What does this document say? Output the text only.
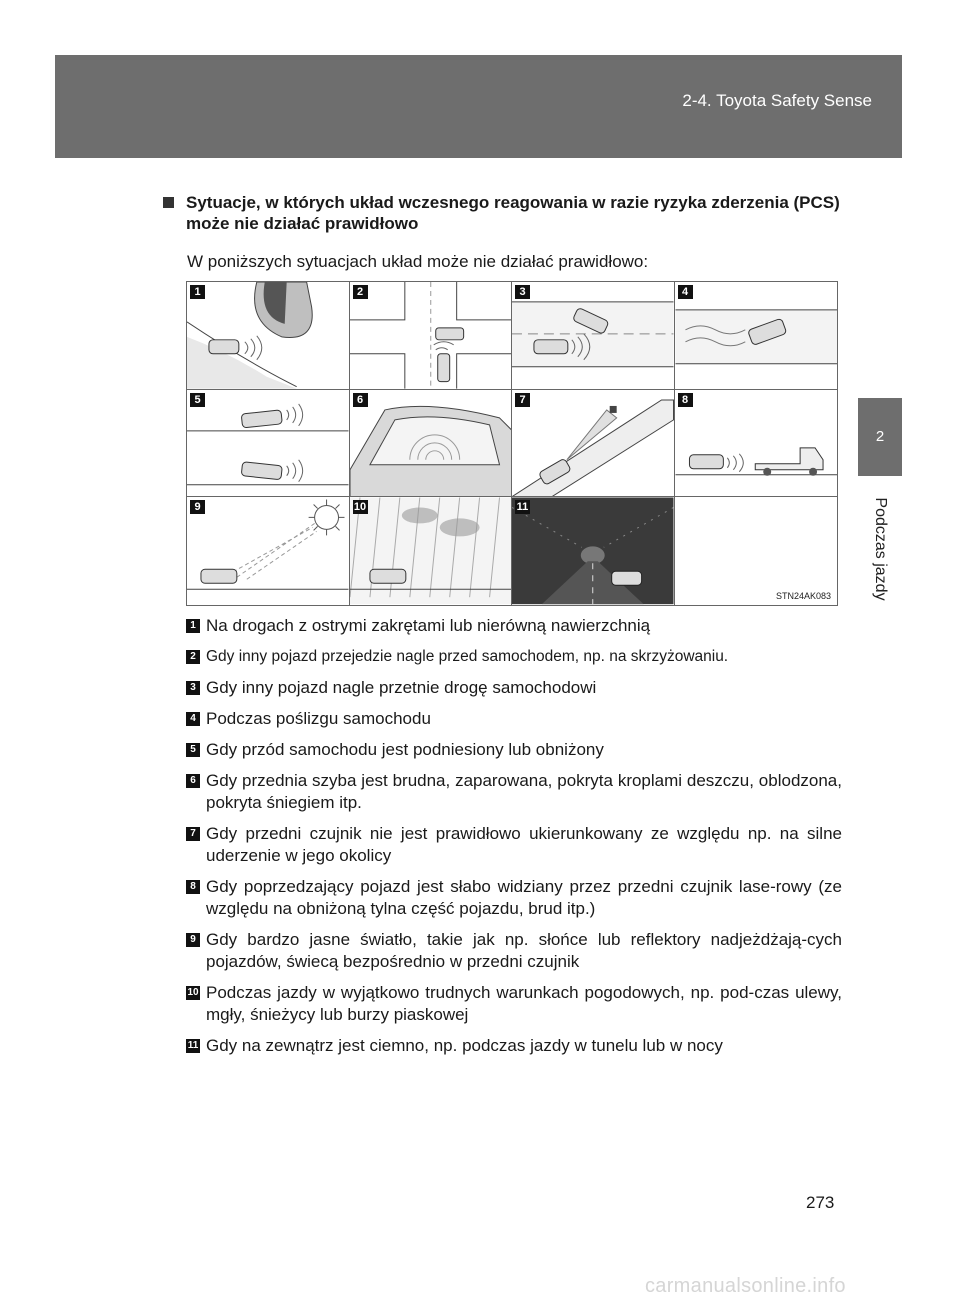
2-4. Toyota Safety Sense
2
Podczas jazdy
Sytuacje, w których układ wczesnego reagowania w razie ryzyka zderzenia (PCS) może nie działać prawidłowo
W poniższych sytuacjach układ może nie działać prawidłowo:
1	2	3	4
5	6	7	8
9	10	11
STN24AK083
1 Na drogach z ostrymi zakrętami lub nierówną nawierzchnią
2 Gdy inny pojazd przejedzie nagle przed samochodem, np. na skrzyżowaniu.
3 Gdy inny pojazd nagle przetnie drogę samochodowi
4 Podczas poślizgu samochodu
5 Gdy przód samochodu jest podniesiony lub obniżony
6 Gdy przednia szyba jest brudna, zaparowana, pokryta kroplami deszczu, oblodzona, pokryta śniegiem itp.
7 Gdy przedni czujnik nie jest prawidłowo ukierunkowany ze względu np. na silne uderzenie w jego okolicy
8 Gdy poprzedzający pojazd jest słabo widziany przez przedni czujnik lase-rowy (ze względu na obniżoną tylna część pojazdu, brud itp.)
9 Gdy bardzo jasne światło, takie jak np. słońce lub reflektory nadjeżdżają-cych pojazdów, świecą bezpośrednio w przedni czujnik
10 Podczas jazdy w wyjątkowo trudnych warunkach pogodowych, np. pod-czas ulewy, mgły, śnieżycy lub burzy piaskowej
11 Gdy na zewnątrz jest ciemno, np. podczas jazdy w tunelu lub w nocy
273
carmanualsonline.info
